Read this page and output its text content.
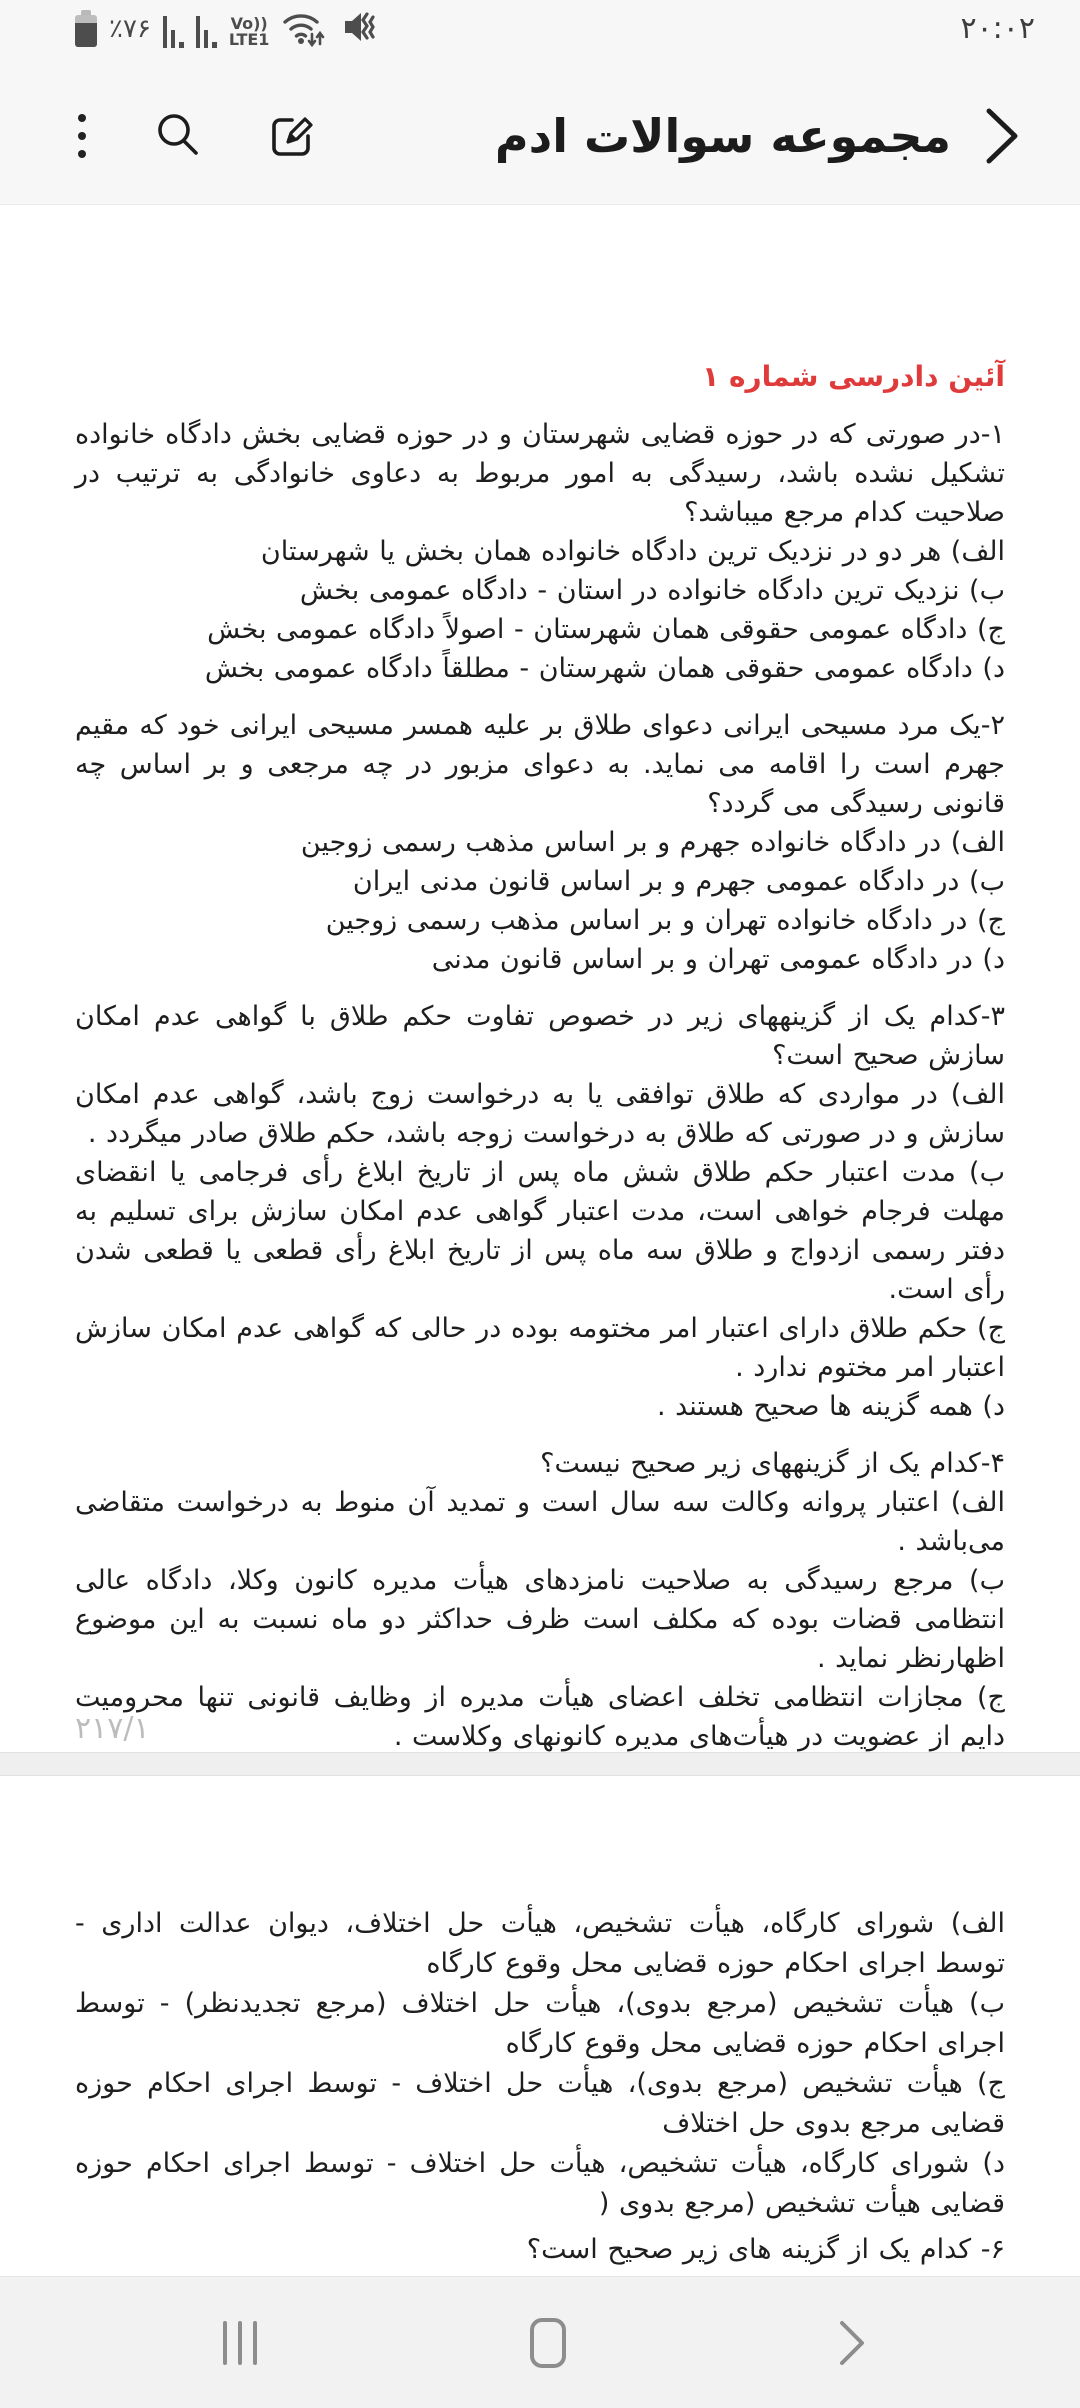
٪٧۶	Vo))
LTE1	٢٠:٠٢
مجموعه سوالات ادم
آئین دادرسی شماره ۱
۱-در صورتی که در حوزه قضایی شهرستان و در حوزه قضایی بخش دادگاه خانواده تشکیل نشده باشد، رسیدگی به امور مربوط به دعاوی خانوادگی به ترتیب در صلاحیت کدام مرجع میباشد؟
الف) هر دو در نزدیک ترین دادگاه خانواده همان بخش یا شهرستان
ب) نزدیک ترین دادگاه خانواده در استان - دادگاه عمومی بخش
ج) دادگاه عمومی حقوقی همان شهرستان - اصولاً دادگاه عمومی بخش
د) دادگاه عمومی حقوقی همان شهرستان - مطلقاً دادگاه عمومی بخش
۲-یک مرد مسیحی ایرانی دعوای طلاق بر علیه همسر مسیحی ایرانی خود که مقیم جهرم است را اقامه می نماید. به دعوای مزبور در چه مرجعی و بر اساس چه قانونی رسیدگی می گردد؟
الف) در دادگاه خانواده جهرم و بر اساس مذهب رسمی زوجین
ب) در دادگاه عمومی جهرم و بر اساس قانون مدنی ایران
ج) در دادگاه خانواده تهران و بر اساس مذهب رسمی زوجین
د) در دادگاه عمومی تهران و بر اساس قانون مدنی
۳-کدام یک از گزینههای زیر در خصوص تفاوت حکم طلاق با گواهی عدم امکان سازش صحیح است؟
الف) در مواردی که طلاق توافقی یا به درخواست زوج باشد، گواهی عدم امکان سازش و در صورتی که طلاق به درخواست زوجه باشد، حکم طلاق صادر میگردد .
ب) مدت اعتبار حکم طلاق شش ماه پس از تاریخ ابلاغ رأی فرجامی یا انقضای مهلت فرجام خواهی است، مدت اعتبار گواهی عدم امکان سازش برای تسلیم به دفتر رسمی ازدواج و طلاق سه ماه پس از تاریخ ابلاغ رأی قطعی یا قطعی شدن رأی است.
ج) حکم طلاق دارای اعتبار امر مختومه بوده در حالی که گواهی عدم امکان سازش اعتبار امر مختوم ندارد .
د) همه گزینه ها صحیح هستند .
۴-کدام یک از گزینههای زیر صحیح نیست؟
الف) اعتبار پروانه وکالت سه سال است و تمدید آن منوط به درخواست متقاضی می‌باشد .
ب) مرجع رسیدگی به صلاحیت نامزدهای هیأت مدیره کانون وکلا، دادگاه عالی انتظامی قضات بوده که مکلف است ظرف حداکثر دو ماه نسبت به این موضوع اظهارنظر نماید .
ج) مجازات انتظامی تخلف اعضای هیأت مدیره از وظایف قانونی تنها محرومیت دایم از عضویت در هیأت‌های مدیره کانونهای وکلاست .
٢١٧/١
الف) شورای کارگاه، هیأت تشخیص، هیأت حل اختلاف، دیوان عدالت اداری - توسط اجرای احکام حوزه قضایی محل وقوع کارگاه
ب) هیأت تشخیص (مرجع بدوی)، هیأت حل اختلاف (مرجع تجدیدنظر) - توسط اجرای احکام حوزه قضایی محل وقوع کارگاه
ج) هیأت تشخیص (مرجع بدوی)، هیأت حل اختلاف - توسط اجرای احکام حوزه قضایی مرجع بدوی حل اختلاف
د) شورای کارگاه، هیأت تشخیص، هیأت حل اختلاف - توسط اجرای احکام حوزه قضایی هیأت تشخیص (مرجع بدوی (
۶- کدام یک از گزینه های زیر صحیح است؟
